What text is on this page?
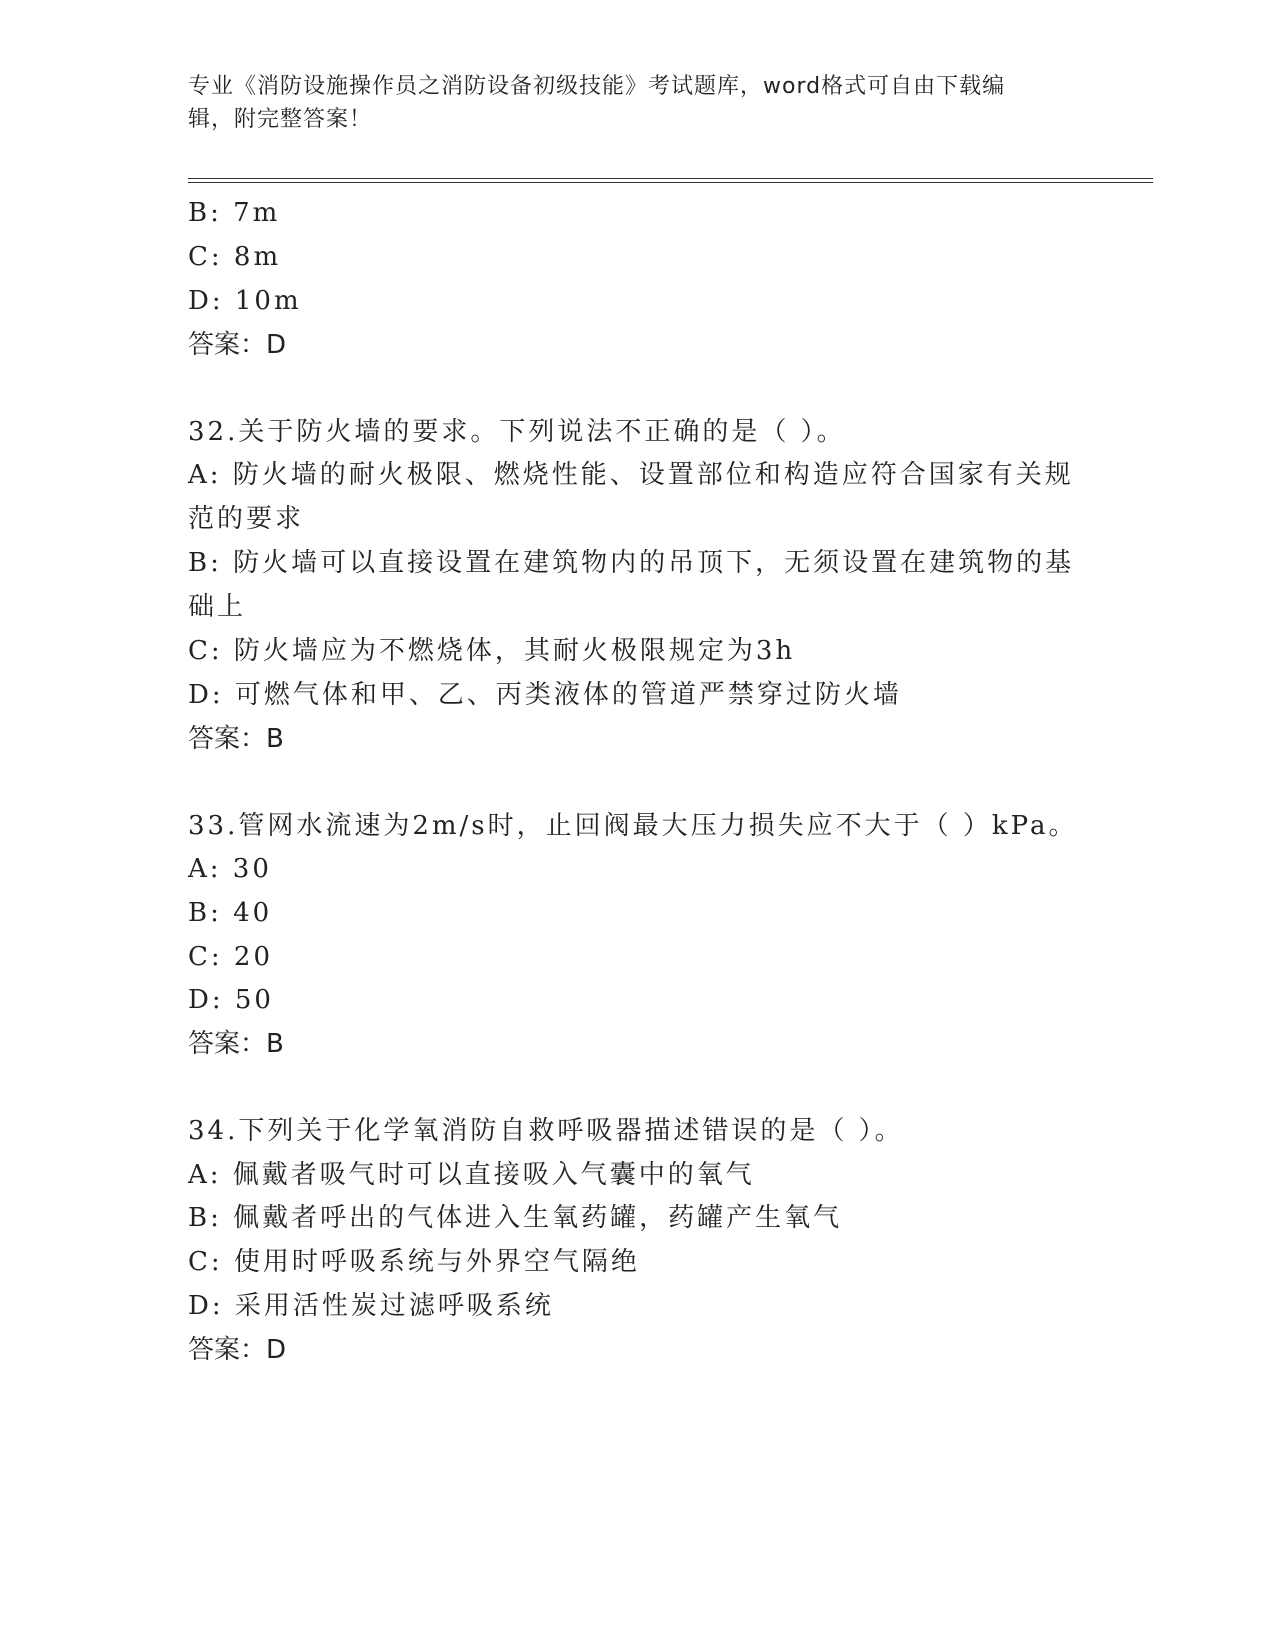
专业《消防设施操作员之消防设备初级技能》考试题库，word格式可自由下载编
辑，附完整答案！
B: 7m
C: 8m
D: 10m
答案：D
32.关于防火墙的要求。下列说法不正确的是（ ）。
A: 防火墙的耐火极限、燃烧性能、设置部位和构造应符合国家有关规
范的要求
B: 防火墙可以直接设置在建筑物内的吊顶下，无须设置在建筑物的基
础上
C: 防火墙应为不燃烧体，其耐火极限规定为3h
D: 可燃气体和甲、乙、丙类液体的管道严禁穿过防火墙
答案：B
33.管网水流速为2m/s时，止回阀最大压力损失应不大于（ ）kPa。
A: 30
B: 40
C: 20
D: 50
答案：B
34.下列关于化学氧消防自救呼吸器描述错误的是（ ）。
A: 佩戴者吸气时可以直接吸入气囊中的氧气
B: 佩戴者呼出的气体进入生氧药罐，药罐产生氧气
C: 使用时呼吸系统与外界空气隔绝
D: 采用活性炭过滤呼吸系统
答案：D
